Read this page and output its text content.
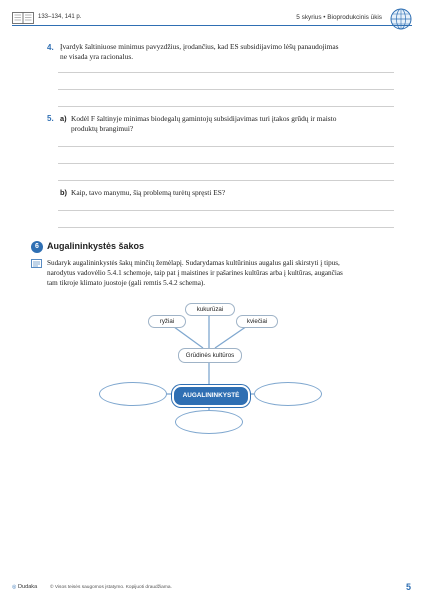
133–134, 141 p.	5 skyrius • Bioprodukcinis ūkis
4. Įvardyk šaltiniuose minimus pavyzdžius, įrodančius, kad ES subsidijavimo lėšų panaudojimas
ne visada yra racionalus.
5. a) Kodėl F šaltinyje minimas biodegalų gamintojų subsidijavimas turi įtakos grūdų ir maisto
produktų brangimui?
b) Kaip, tavo manymu, šią problemą turėtų spręsti ES?
6 Augalininkystės šakos
Sudaryk augalininkystės šakų minčių žemėlapį. Sudarydamas kultūrinius augalus gali skirstyti į tipus,
narodytus vadovėlio 5.4.1 schemoje, taip pat į maistines ir pašarines kultūras arba į kultūras, augančias
tam tikroje klimato juostoje (gali remtis 5.4.2 schema).
kukurūzai
ryžiai	kviečiai
Grūdinės kultūros
AUGALININKYSTĖ
◎ Dudaka	© Visos teisės saugomos įstatymo. Kopijuoti draudžiama.	5
